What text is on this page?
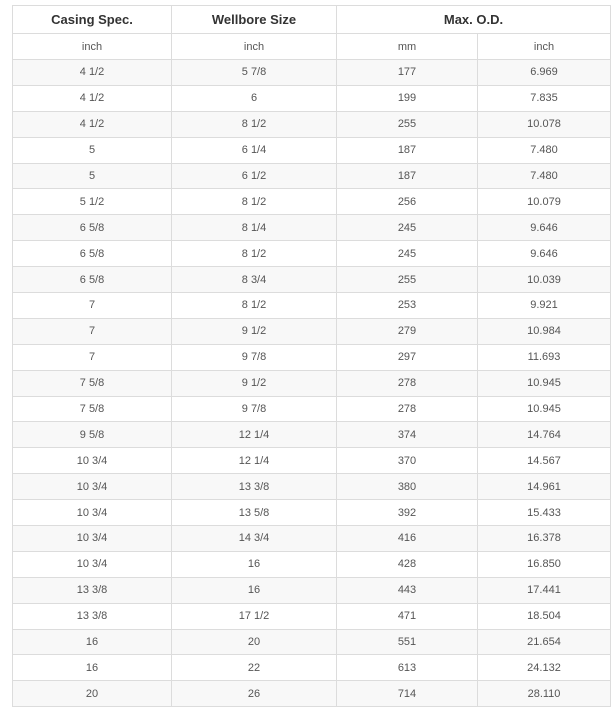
Casing Spec.	Wellbore Size	Max. O.D.	
inch	inch	mm	inch
4 1/2	5 7/8	177	6.969
4 1/2	6	199	7.835
4 1/2	8 1/2	255	10.078
5	6 1/4	187	7.480
5	6 1/2	187	7.480
5 1/2	8 1/2	256	10.079
6 5/8	8 1/4	245	9.646
6 5/8	8 1/2	245	9.646
6 5/8	8 3/4	255	10.039
7	8 1/2	253	9.921
7	9 1/2	279	10.984
7	9 7/8	297	11.693
7 5/8	9 1/2	278	10.945
7 5/8	9 7/8	278	10.945
9 5/8	12 1/4	374	14.764
10 3/4	12 1/4	370	14.567
10 3/4	13 3/8	380	14.961
10 3/4	13 5/8	392	15.433
10 3/4	14 3/4	416	16.378
10 3/4	16	428	16.850
13 3/8	16	443	17.441
13 3/8	17 1/2	471	18.504
16	20	551	21.654
16	22	613	24.132
20	26	714	28.110
